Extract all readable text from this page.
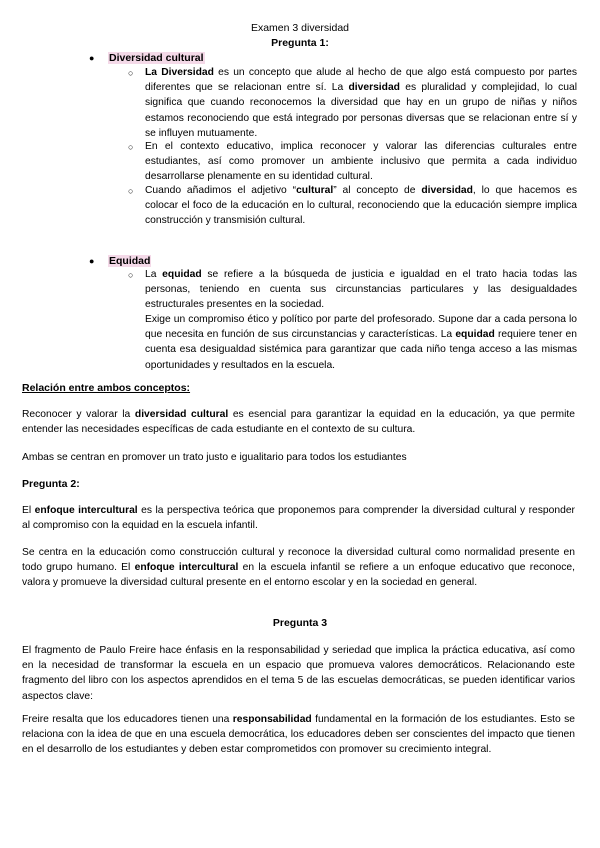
Examen 3 diversidad
Pregunta 1:
● Diversidad cultural
○ La Diversidad es un concepto que alude al hecho de que algo está compuesto por partes diferentes que se relacionan entre sí. La diversidad es pluralidad y complejidad, lo cual significa que cuando reconocemos la diversidad que hay en un grupo de niñas y niños estamos reconociendo que está integrado por personas diversas que se relacionan entre sí y se influyen mutuamente.
○ En el contexto educativo, implica reconocer y valorar las diferencias culturales entre estudiantes, así como promover un ambiente inclusivo que permita a cada individuo desarrollarse plenamente en su identidad cultural.
○ Cuando añadimos el adjetivo “cultural” al concepto de diversidad, lo que hacemos es colocar el foco de la educación en lo cultural, reconociendo que la educación siempre implica construcción y transmisión cultural.
● Equidad
○ La equidad se refiere a la búsqueda de justicia e igualdad en el trato hacia todas las personas, teniendo en cuenta sus circunstancias particulares y las desigualdades estructurales presentes en la sociedad.
Exige un compromiso ético y político por parte del profesorado. Supone dar a cada persona lo que necesita en función de sus circunstancias y características. La equidad requiere tener en cuenta esa desigualdad sistémica para garantizar que cada niño tenga acceso a las mismas oportunidades y resultados en la escuela.
Relación entre ambos conceptos:
Reconocer y valorar la diversidad cultural es esencial para garantizar la equidad en la educación, ya que permite entender las necesidades específicas de cada estudiante en el contexto de su cultura.
Ambas se centran en promover un trato justo e igualitario para todos los estudiantes
Pregunta 2:
El enfoque intercultural es la perspectiva teórica que proponemos para comprender la diversidad cultural y responder al compromiso con la equidad en la escuela infantil.
Se centra en la educación como construcción cultural y reconoce la diversidad cultural como normalidad presente en todo grupo humano. El enfoque intercultural en la escuela infantil se refiere a un enfoque educativo que reconoce, valora y promueve la diversidad cultural presente en el entorno escolar y en la sociedad en general.
Pregunta 3
El fragmento de Paulo Freire hace énfasis en la responsabilidad y seriedad que implica la práctica educativa, así como en la necesidad de transformar la escuela en un espacio que promueva valores democráticos. Relacionando este fragmento del libro con los aspectos aprendidos en el tema 5 de las escuelas democráticas, se pueden identificar varios aspectos clave:
Freire resalta que los educadores tienen una responsabilidad fundamental en la formación de los estudiantes. Esto se relaciona con la idea de que en una escuela democrática, los educadores deben ser conscientes del impacto que tienen en el desarrollo de los estudiantes y deben estar comprometidos con promover su crecimiento integral.
